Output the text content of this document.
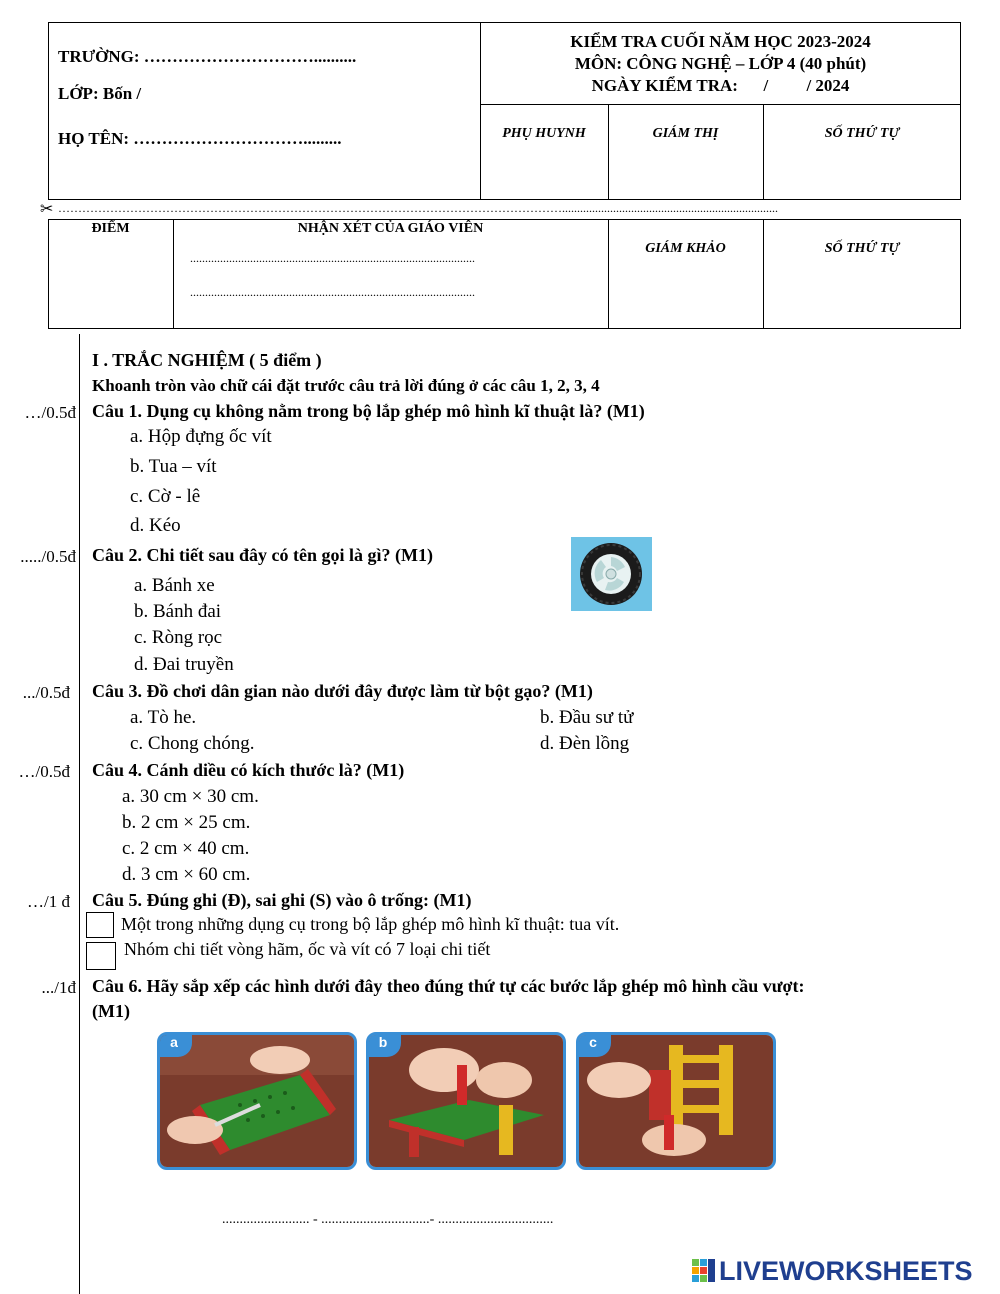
TRƯỜNG: …………………………..........
LỚP: Bốn /
HỌ TÊN: ………………………….........
KIỂM TRA CUỐI NĂM HỌC 2023-2024
MÔN: CÔNG NGHỆ – LỚP 4 (40 phút)
NGÀY KIỂM TRA:      /         / 2024
PHỤ HUYNH	GIÁM THỊ	SỐ THỨ TỰ
✂ ………………………………………………………………………………………………………………........................................................................
ĐIỂM	NHẬN XÉT CỦA GIÁO VIÊN
...............................................................................................
...............................................................................................
GIÁM KHẢO	SỐ THỨ TỰ
I . TRẮC NGHIỆM ( 5 điểm )
Khoanh tròn vào chữ cái đặt trước câu trả lời đúng ở các câu 1, 2, 3, 4
…/0.5đ Câu 1. Dụng cụ không nằm trong bộ lắp ghép mô hình kĩ thuật là? (M1)
a. Hộp đựng ốc vít
b. Tua – vít
c. Cờ - lê
d. Kéo
...../0.5đ Câu 2. Chi tiết sau đây có tên gọi là gì? (M1)
a. Bánh xe
b. Bánh đai
c. Ròng rọc
d. Đai truyền
.../0.5đ Câu 3. Đồ chơi dân gian nào dưới đây được làm từ bột gạo? (M1)
a. Tò he.	b. Đầu sư tử
c. Chong chóng.	d. Đèn lồng
…/0.5đ Câu 4. Cánh diều có kích thước là? (M1)
a. 30 cm × 30 cm.
b. 2 cm × 25 cm.
c. 2 cm × 40 cm.
d. 3 cm × 60 cm.
…/1 đ Câu 5. Đúng ghi (Đ), sai ghi (S) vào ô trống: (M1)
Một trong những dụng cụ trong bộ lắp ghép mô hình kĩ thuật: tua vít.
Nhóm chi tiết vòng hãm, ốc và vít có 7 loại chi tiết
.../1đ Câu 6. Hãy sắp xếp các hình dưới đây theo đúng thứ tự các bước lắp ghép mô hình cầu vượt:
(M1)
a	b	c
......................... - ...............................- .................................
LIVEWORKSHEETS
